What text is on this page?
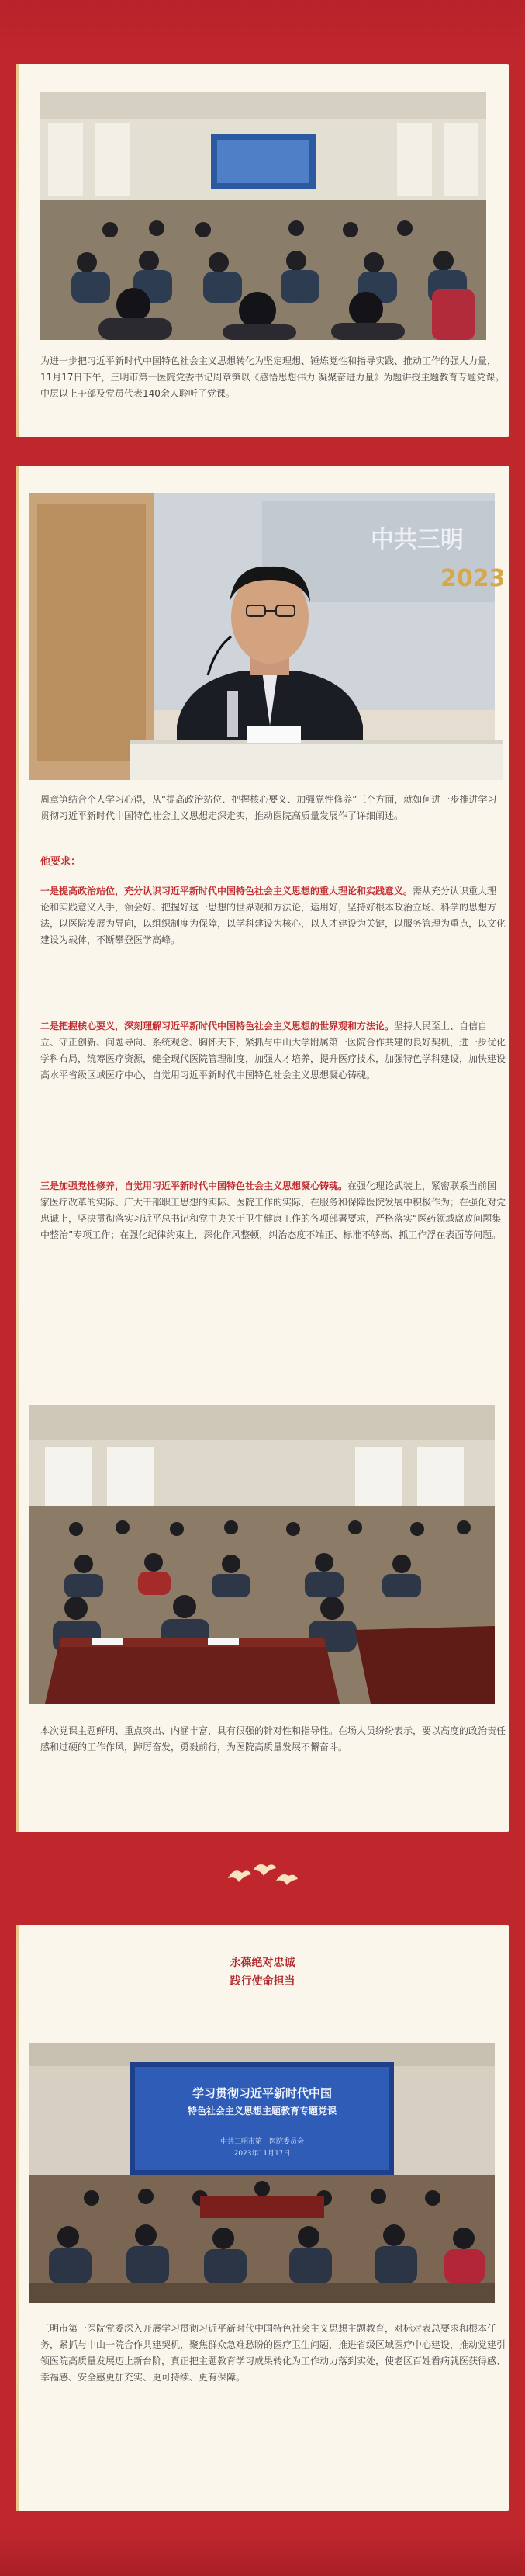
为进一步把习近平新时代中国特色社会主义思想转化为坚定理想、锤炼党性和指导实践、推动工作的强大力量，11月17日下午，三明市第一医院党委书记周章笋以《感悟思想伟力 凝聚奋进力量》为题讲授主题教育专题党课。中层以上干部及党员代表140余人聆听了党课。

中共三明
2023

周章笋结合个人学习心得，从“提高政治站位、把握核心要义、加强党性修养”三个方面，就如何进一步推进学习贯彻习近平新时代中国特色社会主义思想走深走实，推动医院高质量发展作了详细阐述。

他要求：

一是提高政治站位，充分认识习近平新时代中国特色社会主义思想的重大理论和实践意义。需从充分认识重大理论和实践意义入手，领会好、把握好这一思想的世界观和方法论，运用好，坚持好根本政治立场、科学的思想方法，以医院发展为导向，以组织制度为保障，以学科建设为核心，以人才建设为关键，以服务管理为重点，以文化建设为载体，不断攀登医学高峰。

二是把握核心要义，深刻理解习近平新时代中国特色社会主义思想的世界观和方法论。坚持人民至上、自信自立、守正创新、问题导向、系统观念、胸怀天下，紧抓与中山大学附属第一医院合作共建的良好契机，进一步优化学科布局，统筹医疗资源，健全现代医院管理制度，加强人才培养，提升医疗技术，加强特色学科建设，加快建设高水平省级区域医疗中心，自觉用习近平新时代中国特色社会主义思想凝心铸魂。

三是加强党性修养，自觉用习近平新时代中国特色社会主义思想凝心铸魂。在强化理论武装上，紧密联系当前国家医疗改革的实际、广大干部职工思想的实际、医院工作的实际，在服务和保障医院发展中积极作为；在强化对党忠诚上，坚决贯彻落实习近平总书记和党中央关于卫生健康工作的各项部署要求，严格落实“医药领域腐败问题集中整治”专项工作；在强化纪律约束上，深化作风整顿，纠治态度不端正、标准不够高、抓工作浮在表面等问题。

本次党课主题鲜明、重点突出、内涵丰富，具有很强的针对性和指导性。在场人员纷纷表示，要以高度的政治责任感和过硬的工作作风，踔厉奋发，勇毅前行，为医院高质量发展不懈奋斗。

永葆绝对忠诚
践行使命担当
学习贯彻习近平新时代中国
特色社会主义思想主题教育专题党课
中共三明市第一医院委员会
2023年11月17日

三明市第一医院党委深入开展学习贯彻习近平新时代中国特色社会主义思想主题教育，对标对表总要求和根本任务，紧抓与中山一院合作共建契机，聚焦群众急难愁盼的医疗卫生问题，推进省级区域医疗中心建设，推动党建引领医院高质量发展迈上新台阶，真正把主题教育学习成果转化为工作动力落到实处，使老区百姓看病就医获得感、幸福感、安全感更加充实、更可持续、更有保障。
